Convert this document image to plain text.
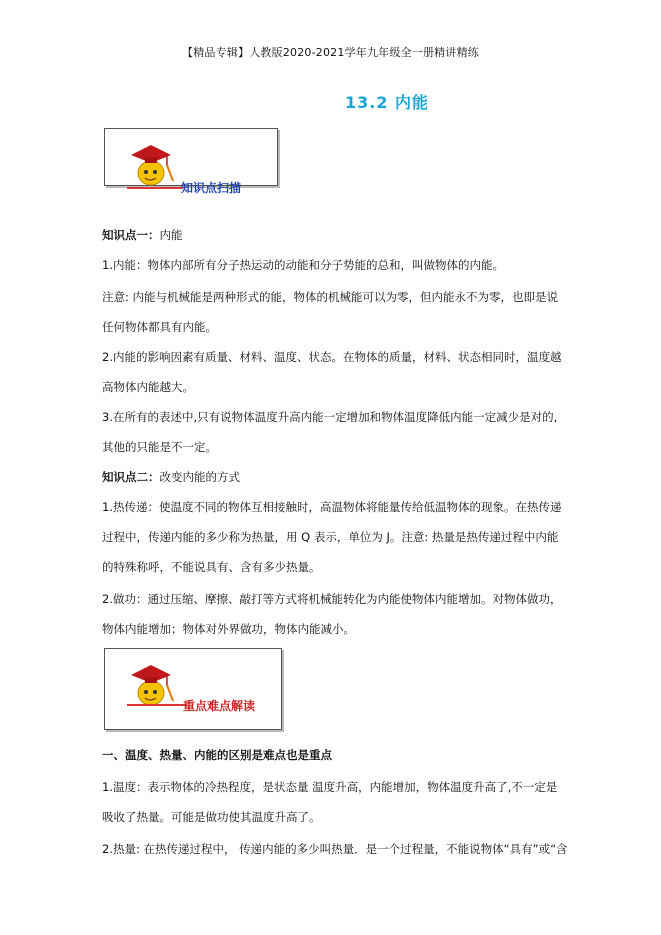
【精品专辑】人教版2020-2021学年九年级全一册精讲精练
13.2 内能
知识点扫描
知识点一：内能
1.内能：物体内部所有分子热运动的动能和分子势能的总和，叫做物体的内能。
注意: 内能与机械能是两种形式的能，物体的机械能可以为零，但内能永不为零，也即是说
任何物体都具有内能。
2.内能的影响因素有质量、材料、温度、状态。在物体的质量，材料、状态相同时，温度越
高物体内能越大。
3.在所有的表述中,只有说物体温度升高内能一定增加和物体温度降低内能一定减少是对的,
其他的只能是不一定。
知识点二：改变内能的方式
1.热传递：使温度不同的物体互相接触时，高温物体将能量传给低温物体的现象。在热传递
过程中，传递内能的多少称为热量，用 Q 表示，单位为 J。注意: 热量是热传递过程中内能
的特殊称呼，不能说具有、含有多少热量。
2.做功：通过压缩、摩擦、敲打等方式将机械能转化为内能使物体内能增加。对物体做功，
物体内能增加；物体对外界做功，物体内能减小。
重点难点解读
一、温度、热量、内能的区别是难点也是重点
1.温度：表示物体的冷热程度，是状态量 温度升高，内能增加，物体温度升高了,不一定是
吸收了热量。可能是做功使其温度升高了。
2.热量: 在热传递过程中， 传递内能的多少叫热量．是一个过程量，不能说物体“具有”或“含
